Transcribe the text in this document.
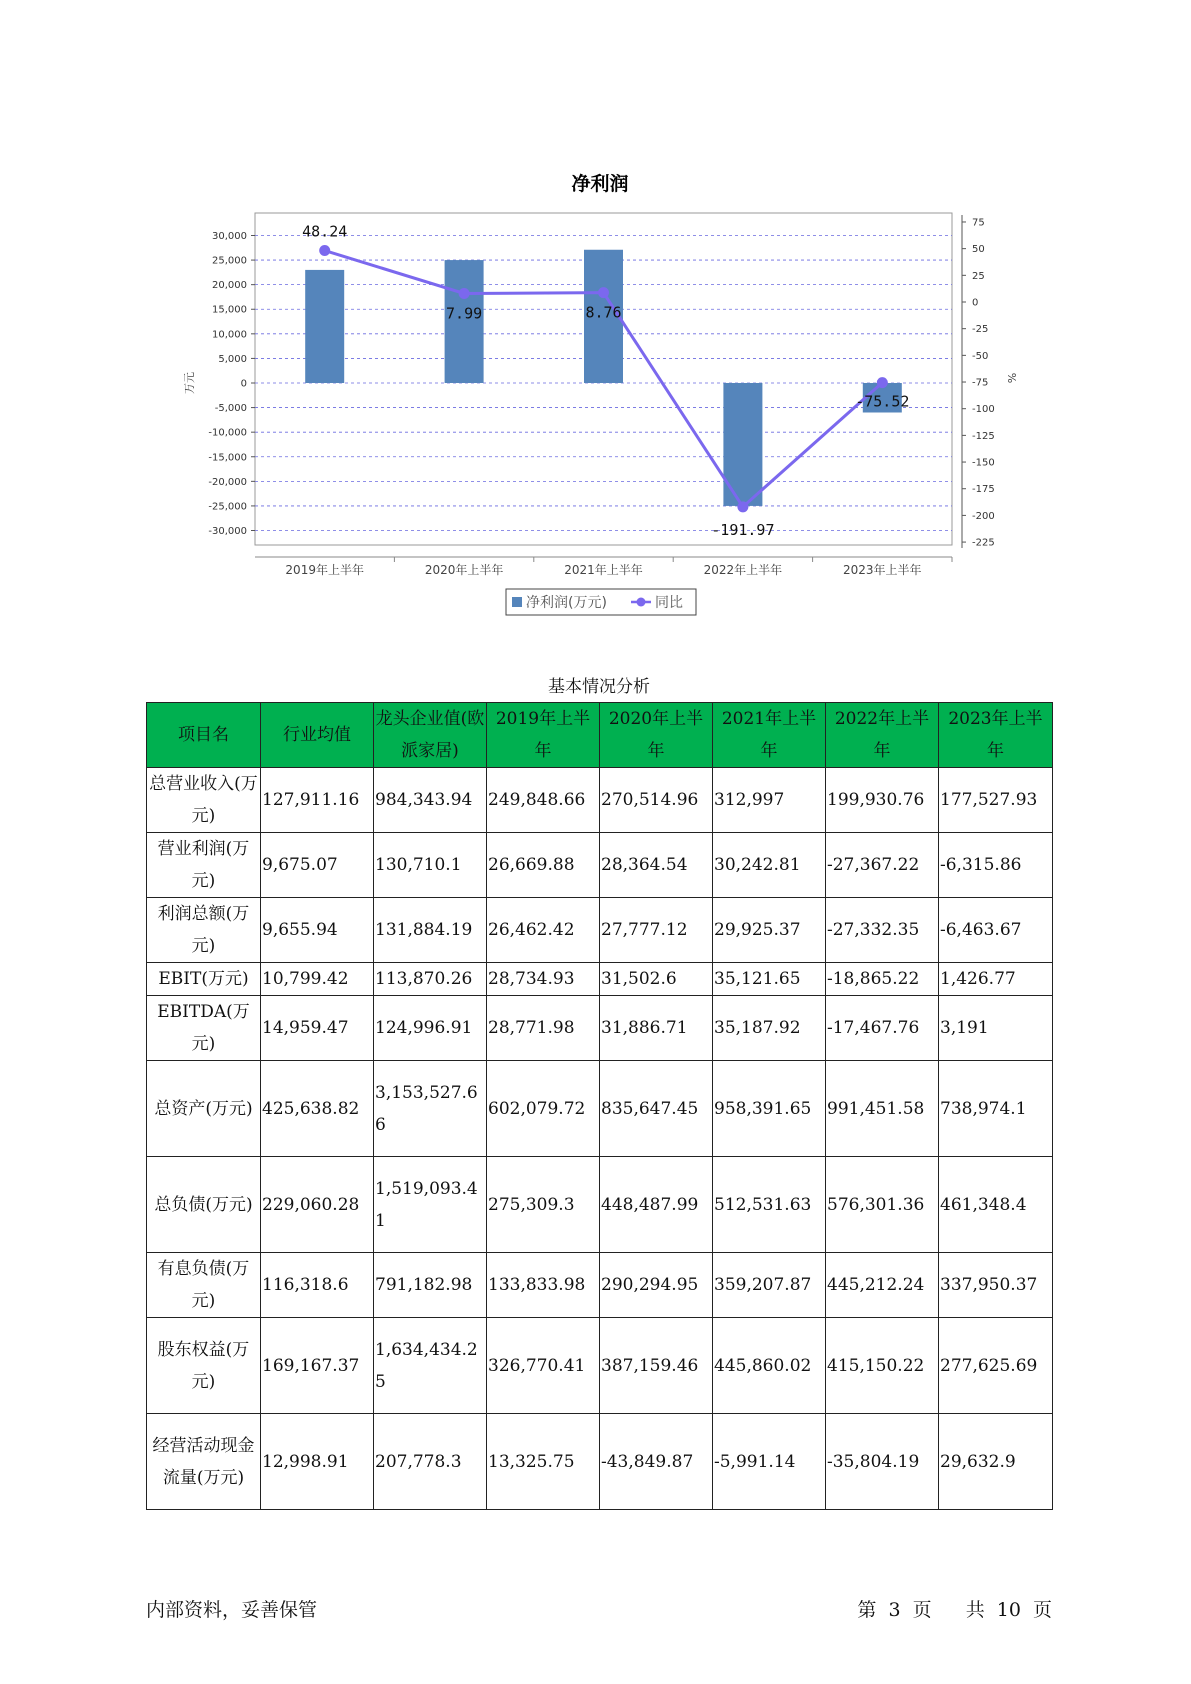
净利润
30,000
25,000
20,000
15,000
10,000
5,000
0
-5,000
-10,000
-15,000
-20,000
-25,000
-30,000
75
50
25
0
-25
-50
-75
-100
-125
-150
-175
-200
-225
万元	%
2019年上半年	2020年上半年	2021年上半年	2022年上半年	2023年上半年
48.24
7.99	8.76
-191.97
-75.52
净利润(万元)	同比
基本情况分析
项目名	行业均值	龙头企业值(欧派家居)	2019年上半年	2020年上半年	2021年上半年	2022年上半年	2023年上半年
总营业收入(万元)	127,911.16	984,343.94	249,848.66	270,514.96	312,997	199,930.76	177,527.93
营业利润(万元)	9,675.07	130,710.1	26,669.88	28,364.54	30,242.81	-27,367.22	-6,315.86
利润总额(万元)	9,655.94	131,884.19	26,462.42	27,777.12	29,925.37	-27,332.35	-6,463.67
EBIT(万元)	10,799.42	113,870.26	28,734.93	31,502.6	35,121.65	-18,865.22	1,426.77
EBITDA(万元)	14,959.47	124,996.91	28,771.98	31,886.71	35,187.92	-17,467.76	3,191
总资产(万元)	425,638.82	3,153,527.66	602,079.72	835,647.45	958,391.65	991,451.58	738,974.1
总负债(万元)	229,060.28	1,519,093.41	275,309.3	448,487.99	512,531.63	576,301.36	461,348.4
有息负债(万元)	116,318.6	791,182.98	133,833.98	290,294.95	359,207.87	445,212.24	337,950.37
股东权益(万元)	169,167.37	1,634,434.25	326,770.41	387,159.46	445,860.02	415,150.22	277,625.69
经营活动现金流量(万元)	12,998.91	207,778.3	13,325.75	-43,849.87	-5,991.14	-35,804.19	29,632.9
内部资料，妥善保管	第 3 页 共 10 页
